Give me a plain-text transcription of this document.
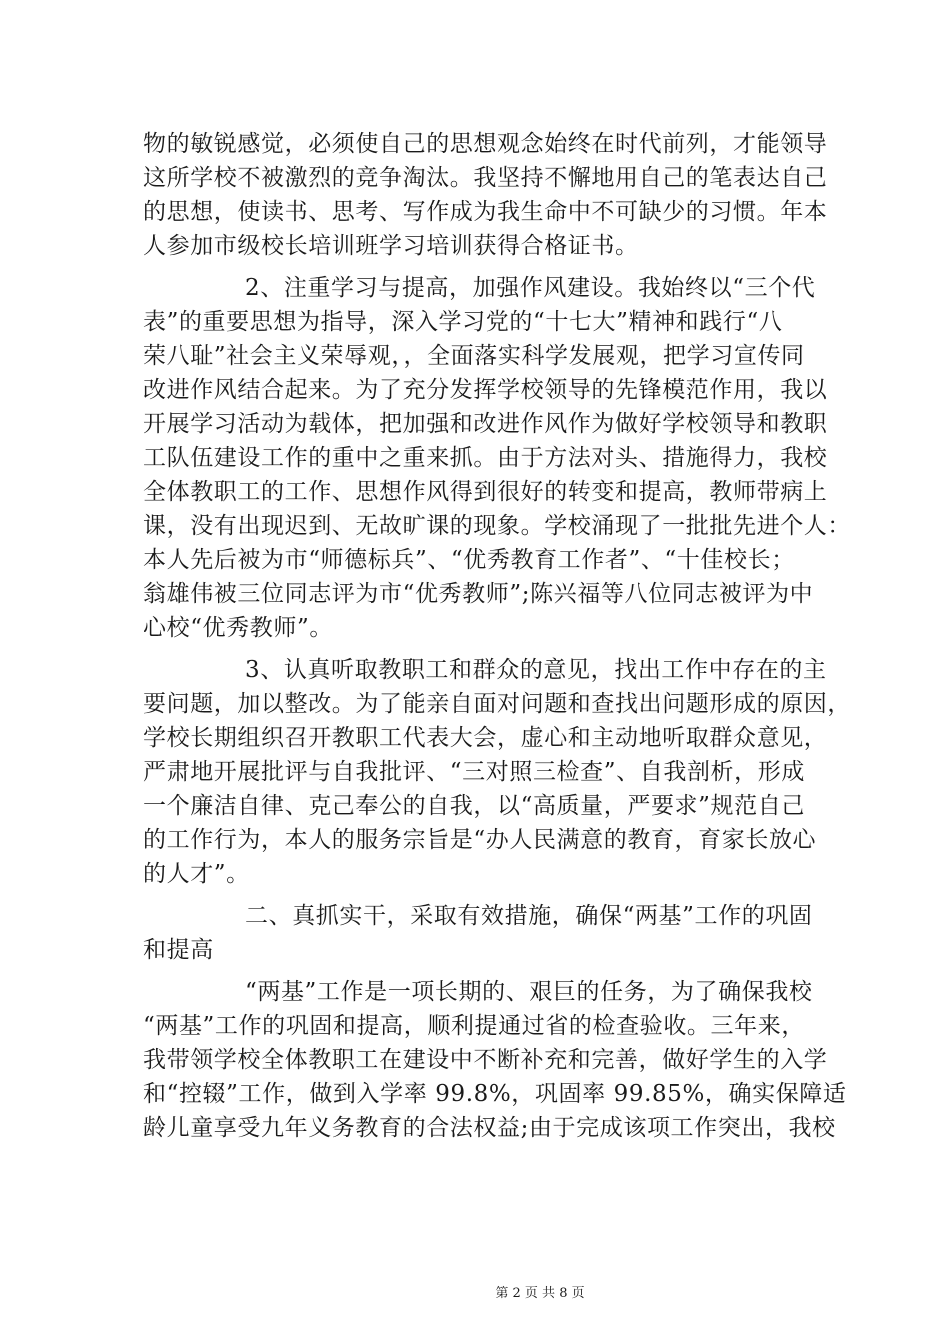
物的敏锐感觉，必须使自己的思想观念始终在时代前列，才能领导
这所学校不被激烈的竞争淘汰。我坚持不懈地用自己的笔表达自己
的思想，使读书、思考、写作成为我生命中不可缺少的习惯。年本
人参加市级校长培训班学习培训获得合格证书。
2、注重学习与提高，加强作风建设。我始终以“三个代
表”的重要思想为指导，深入学习党的“十七大”精神和践行“八
荣八耻”社会主义荣辱观，，全面落实科学发展观，把学习宣传同
改进作风结合起来。为了充分发挥学校领导的先锋模范作用，我以
开展学习活动为载体，把加强和改进作风作为做好学校领导和教职
工队伍建设工作的重中之重来抓。由于方法对头、措施得力，我校
全体教职工的工作、思想作风得到很好的转变和提高，教师带病上
课，没有出现迟到、无故旷课的现象。学校涌现了一批批先进个人：
本人先后被为市“师德标兵”、“优秀教育工作者”、“十佳校长；
翁雄伟被三位同志评为市“优秀教师”;陈兴福等八位同志被评为中
心校“优秀教师”。
3、认真听取教职工和群众的意见，找出工作中存在的主
要问题，加以整改。为了能亲自面对问题和查找出问题形成的原因，
学校长期组织召开教职工代表大会，虚心和主动地听取群众意见，
严肃地开展批评与自我批评、“三对照三检查”、自我剖析，形成
一个廉洁自律、克己奉公的自我，以“高质量，严要求”规范自己
的工作行为，本人的服务宗旨是“办人民满意的教育，育家长放心
的人才”。
二、真抓实干，采取有效措施，确保“两基”工作的巩固
和提高
“两基”工作是一项长期的、艰巨的任务，为了确保我校
“两基”工作的巩固和提高，顺利提通过省的检查验收。三年来，
我带领学校全体教职工在建设中不断补充和完善，做好学生的入学
和“控辍”工作，做到入学率 99.8%，巩固率 99.85%，确实保障适
龄儿童享受九年义务教育的合法权益;由于完成该项工作突出，我校
第 2 页 共 8 页
